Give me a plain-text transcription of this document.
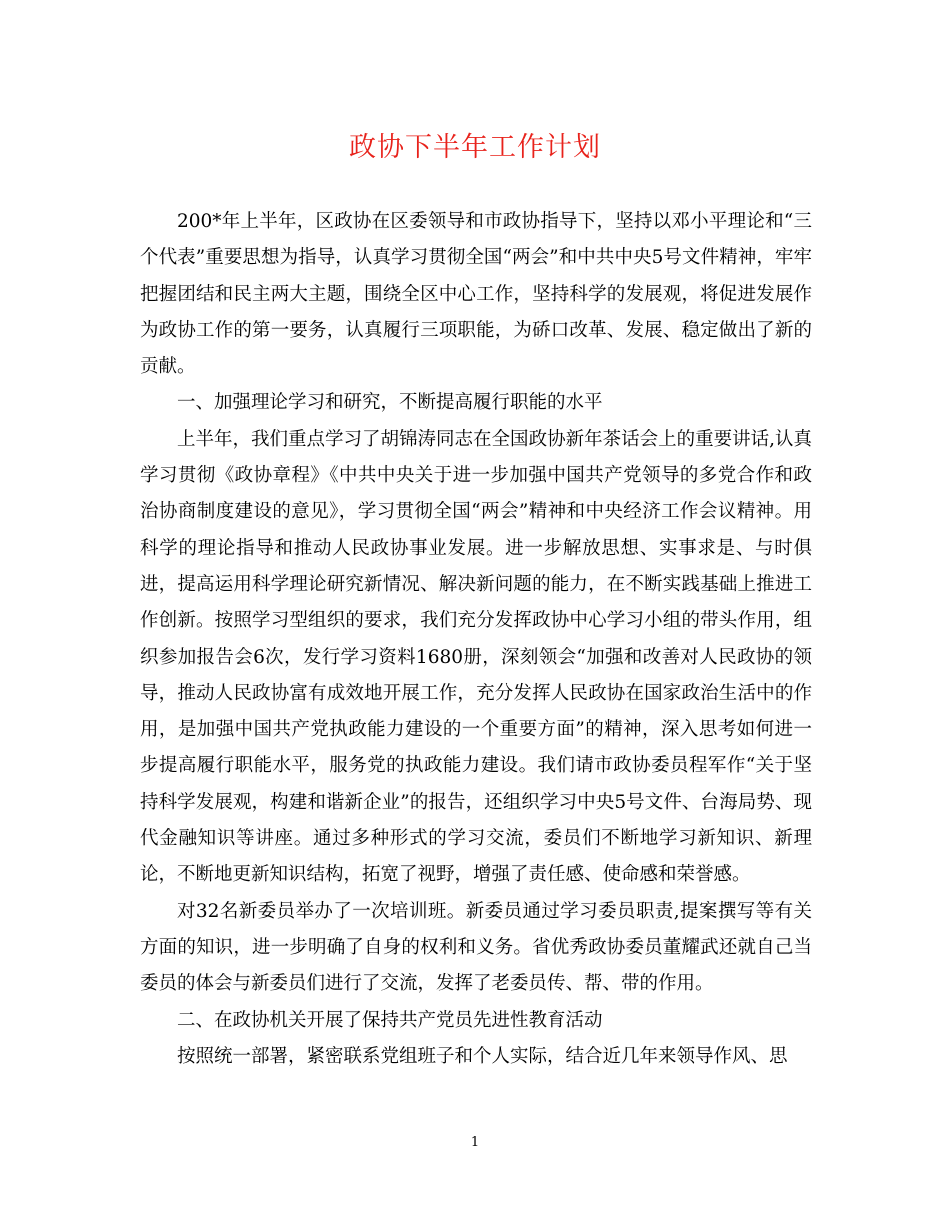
政协下半年工作计划

200*年上半年，区政协在区委领导和市政协指导下，坚持以邓小平理论和“三个代表”重要思想为指导，认真学习贯彻全国“两会”和中共中央5号文件精神，牢牢把握团结和民主两大主题，围绕全区中心工作，坚持科学的发展观，将促进发展作为政协工作的第一要务，认真履行三项职能，为硚口改革、发展、稳定做出了新的贡献。

一、加强理论学习和研究，不断提高履行职能的水平

上半年，我们重点学习了胡锦涛同志在全国政协新年茶话会上的重要讲话,认真学习贯彻《政协章程》《中共中央关于进一步加强中国共产党领导的多党合作和政治协商制度建设的意见》，学习贯彻全国“两会”精神和中央经济工作会议精神。用科学的理论指导和推动人民政协事业发展。进一步解放思想、实事求是、与时俱进，提高运用科学理论研究新情况、解决新问题的能力，在不断实践基础上推进工作创新。按照学习型组织的要求，我们充分发挥政协中心学习小组的带头作用，组织参加报告会6次，发行学习资料1680册，深刻领会“加强和改善对人民政协的领导，推动人民政协富有成效地开展工作，充分发挥人民政协在国家政治生活中的作用，是加强中国共产党执政能力建设的一个重要方面”的精神，深入思考如何进一步提高履行职能水平，服务党的执政能力建设。我们请市政协委员程军作“关于坚持科学发展观，构建和谐新企业”的报告，还组织学习中央5号文件、台海局势、现代金融知识等讲座。通过多种形式的学习交流，委员们不断地学习新知识、新理论，不断地更新知识结构，拓宽了视野，增强了责任感、使命感和荣誉感。

对32名新委员举办了一次培训班。新委员通过学习委员职责,提案撰写等有关方面的知识，进一步明确了自身的权利和义务。省优秀政协委员董耀武还就自己当委员的体会与新委员们进行了交流，发挥了老委员传、帮、带的作用。

二、在政协机关开展了保持共产党员先进性教育活动

按照统一部署，紧密联系党组班子和个人实际，结合近几年来领导作风、思

1
